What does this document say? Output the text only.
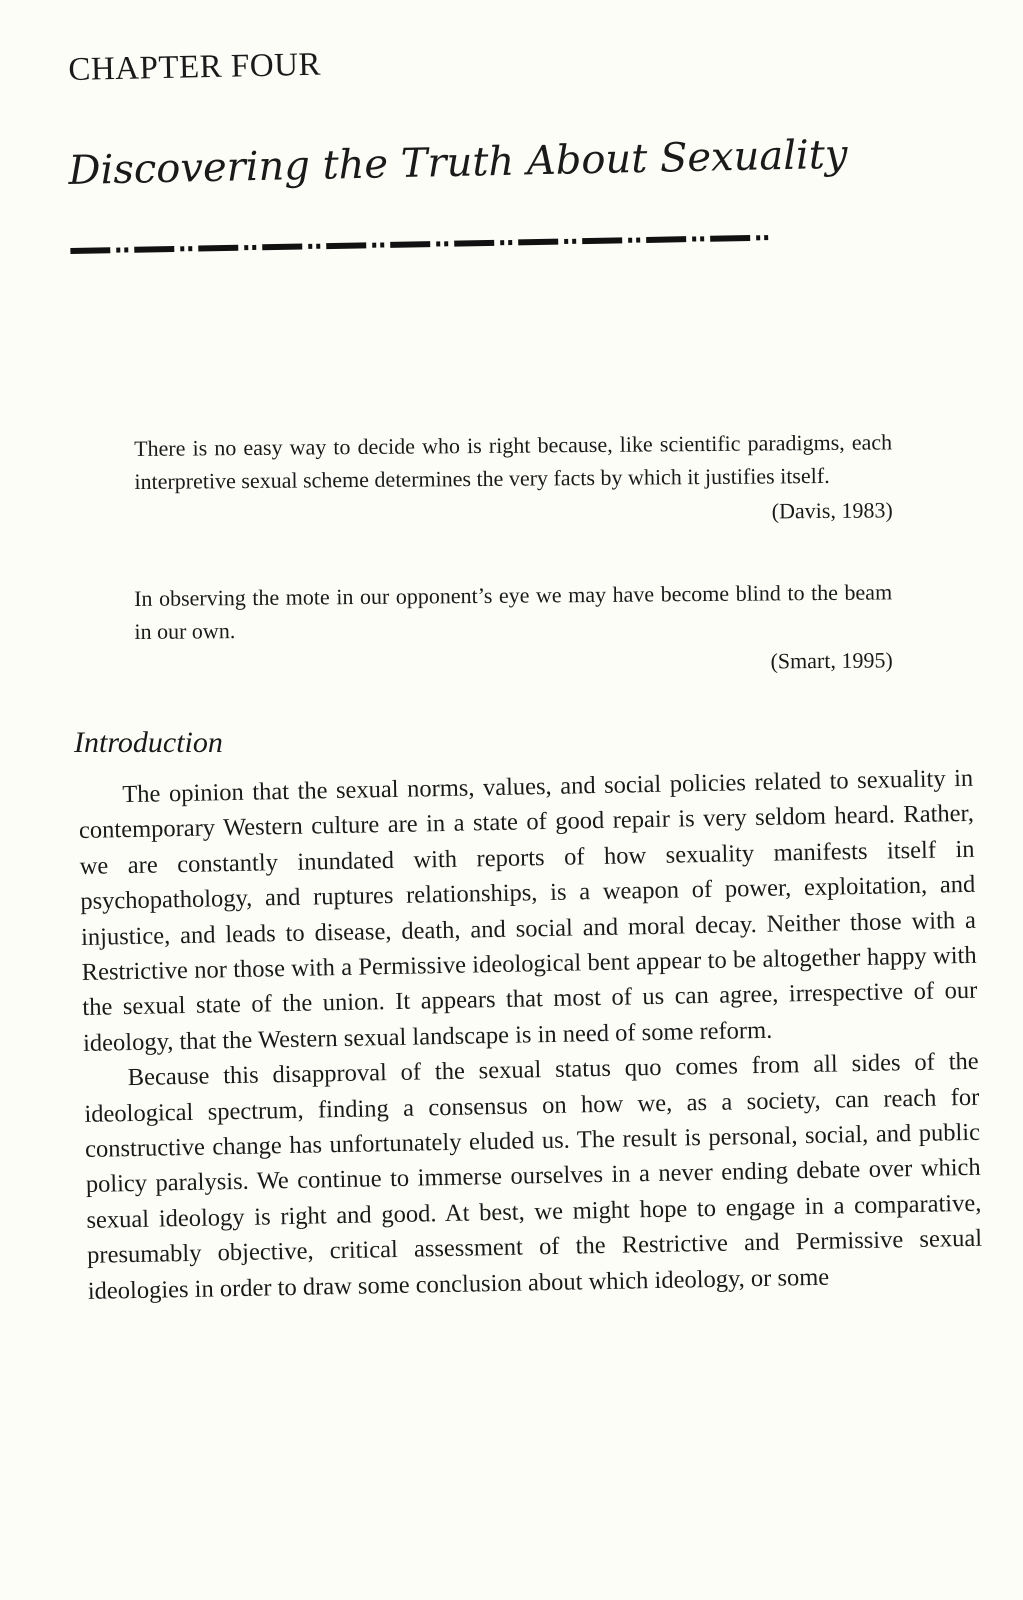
CHAPTER FOUR
Discovering the Truth About Sexuality

There is no easy way to decide who is right because, like scientific paradigms, each interpretive sexual scheme determines the very facts by which it justifies itself.

(Davis, 1983)

In observing the mote in our opponent’s eye we may have become blind to the beam in our own.

(Smart, 1995)

Introduction

The opinion that the sexual norms, values, and social policies related to sexuality in contemporary Western culture are in a state of good repair is very seldom heard. Rather, we are constantly inundated with reports of how sexuality manifests itself in psychopathology, and ruptures relationships, is a weapon of power, exploitation, and injustice, and leads to disease, death, and social and moral decay. Neither those with a Restrictive nor those with a Permissive ideological bent appear to be altogether happy with the sexual state of the union. It appears that most of us can agree, irrespective of our ideology, that the Western sexual landscape is in need of some reform.

Because this disapproval of the sexual status quo comes from all sides of the ideological spectrum, finding a consensus on how we, as a society, can reach for constructive change has unfortunately eluded us. The result is personal, social, and public policy paralysis. We continue to immerse ourselves in a never ending debate over which sexual ideology is right and good. At best, we might hope to engage in a comparative, presumably objective, critical assessment of the Restrictive and Permissive sexual ideologies in order to draw some conclusion about which ideology, or some
